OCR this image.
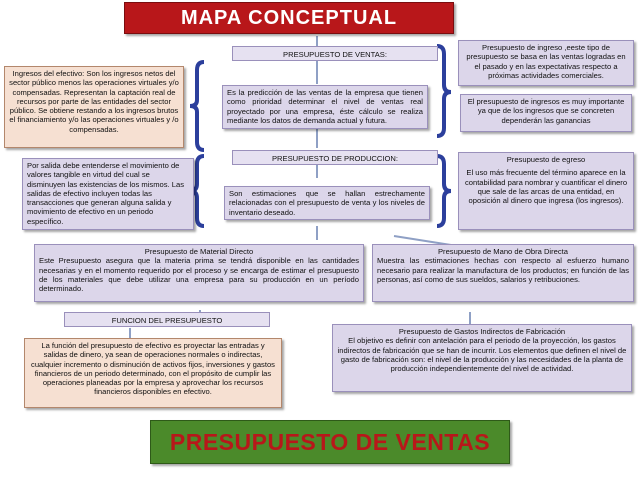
MAPA CONCEPTUAL
PRESUPUESTO DE VENTAS:
Es la predicción de las ventas de la empresa que tienen como prioridad determinar el nivel de ventas real proyectado por una empresa, éste cálculo se realiza mediante los datos de demanda actual y futura.
Presupuesto de ingreso ,eeste tipo de presupuesto se basa en las ventas logradas en el pasado y en las expectativas respecto a próximas actividades comerciales.
El presupuesto de ingresos es muy importante ya que de los ingresos que se concreten dependerán las ganancias
Ingresos del efectivo: Son los ingresos netos del sector público menos las operaciones virtuales y/o compensadas. Representan la captación real de recursos por parte de las entidades del sector público. Se obtiene restando a los ingresos brutos el financiamiento y/o las operaciones virtuales y /o compensadas.
Por salida debe entenderse el movimiento de valores tangible en virtud del cual se disminuyen las existencias de los mismos. Las salidas de efectivo incluyen todas las transacciones que generan alguna salida y movimiento de efectivo en un periodo específico.
PRESUPUESTO DE PRODUCCION:
Son estimaciones que se hallan estrechamente relacionadas con el presupuesto de venta y los niveles de inventario deseado.
Presupuesto de egreso
El uso más frecuente del término aparece en la contabilidad para nombrar y cuantificar el dinero que sale de las arcas de una entidad, en oposición al dinero que ingresa (los ingresos).
Presupuesto de Material Directo
Este Presupuesto asegura que la materia prima se tendrá disponible en las cantidades necesarias y en el momento requerido por el proceso y se encarga de estimar el presupuesto de los materiales que debe utilizar una empresa para su producción en un período determinado.
Presupuesto de Mano de Obra Directa
Muestra las estimaciones hechas con respecto al esfuerzo humano necesario para realizar la manufactura de los productos; en función de las personas, así como de sus sueldos, salarios y retribuciones.
FUNCION DEL PRESUPUESTO
La función del presupuesto de efectivo es proyectar las entradas y salidas de dinero, ya sean de operaciones normales o indirectas, cualquier incremento o disminución de activos fijos, inversiones y gastos financieros de un periodo determinado, con el propósito de cumplir las operaciones planeadas por la empresa y aprovechar los recursos financieros disponibles en efectivo.
Presupuesto de Gastos Indirectos de Fabricación
El objetivo es definir con antelación para el periodo de la proyección, los gastos indirectos de fabricación que se han de incurrir. Los elementos que definen el nivel de gasto de fabricación son: el nivel de la producción y las necesidades de la planta de producción independientemente del nivel de actividad.
PRESUPUESTO DE VENTAS
